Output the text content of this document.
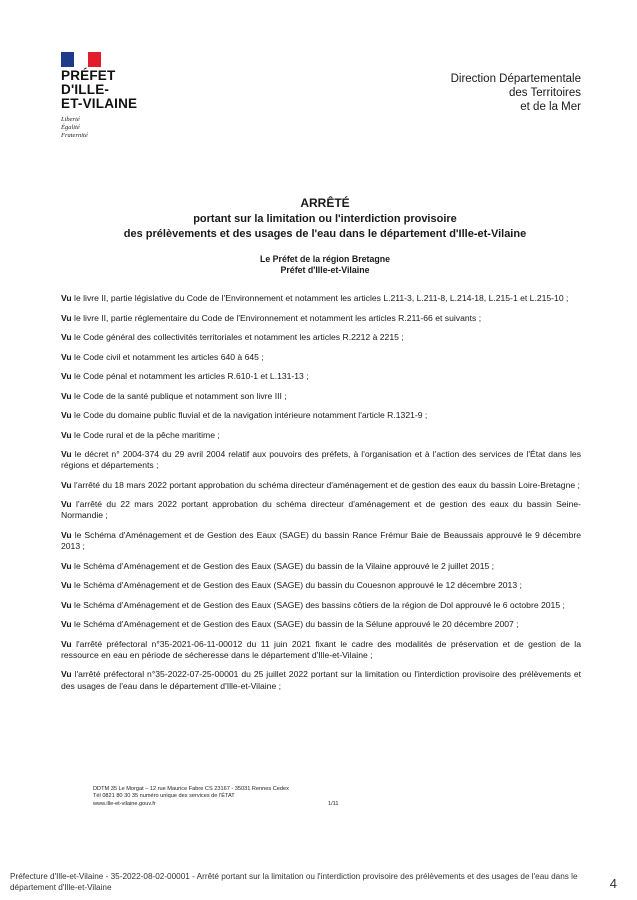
PRÉFET
D'ILLE-
ET-VILAINE
Liberté
Égalité
Fraternité
Direction Départementale
des Territoires
et de la Mer
ARRÊTÉ
portant sur la limitation ou l'interdiction provisoire
des prélèvements et des usages de l'eau dans le département d'Ille-et-Vilaine
Le Préfet de la région Bretagne
Préfet d'Ille-et-Vilaine

Vu le livre II, partie législative du Code de l'Environnement et notamment les articles L.211-3, L.211-8, L.214-18, L.215-1 et L.215-10 ;

Vu le livre II, partie réglementaire du Code de l'Environnement et notamment les articles R.211-66 et suivants ;

Vu le Code général des collectivités territoriales et notamment les articles R.2212 à 2215 ;

Vu le Code civil et notamment les articles 640 à 645 ;

Vu le Code pénal et notamment les articles R.610-1 et L.131-13 ;

Vu le Code de la santé publique et notamment son livre III ;

Vu le Code du domaine public fluvial et de la navigation intérieure notamment l'article R.1321-9 ;

Vu le Code rural et de la pêche maritime ;

Vu le décret n° 2004-374 du 29 avril 2004 relatif aux pouvoirs des préfets, à l'organisation et à l'action des services de l'État dans les régions et départements ;

Vu l'arrêté du 18 mars 2022 portant approbation du schéma directeur d'aménagement et de gestion des eaux du bassin Loire-Bretagne ;

Vu l'arrêté du 22 mars 2022 portant approbation du schéma directeur d'aménagement et de gestion des eaux du bassin Seine-Normandie ;

Vu le Schéma d'Aménagement et de Gestion des Eaux (SAGE) du bassin Rance Frémur Baie de Beaussais approuvé le 9 décembre 2013 ;

Vu le Schéma d'Aménagement et de Gestion des Eaux (SAGE) du bassin de la Vilaine approuvé le 2 juillet 2015 ;

Vu le Schéma d'Aménagement et de Gestion des Eaux (SAGE) du bassin du Couesnon approuvé le 12 décembre 2013 ;

Vu le Schéma d'Aménagement et de Gestion des Eaux (SAGE) des bassins côtiers de la région de Dol approuvé le 6 octobre 2015 ;

Vu le Schéma d'Aménagement et de Gestion des Eaux (SAGE) du bassin de la Sélune approuvé le 20 décembre 2007 ;

Vu l'arrêté préfectoral n°35-2021-06-11-00012 du 11 juin 2021 fixant le cadre des modalités de préservation et de gestion de la ressource en eau en période de sécheresse dans le département d'Ille-et-Vilaine ;

Vu l'arrêté préfectoral n°35-2022-07-25-00001 du 25 juillet 2022 portant sur la limitation ou l'interdiction provisoire des prélèvements et des usages de l'eau dans le département d'Ille-et-Vilaine ;

DDTM 35 Le Morgat – 12 rue Maurice Fabre CS 23167 - 35031 Rennes Cedex
Tél 0821 80 30 35 numéro unique des services de l'ÉTAT
www.ille-et-vilaine.gouv.fr	1/11
Préfecture d'Ille-et-Vilaine - 35-2022-08-02-00001 - Arrêté portant sur la limitation ou l'interdiction provisoire des prélèvements et des usages de l'eau dans le département d'Ille-et-Vilaine	4
